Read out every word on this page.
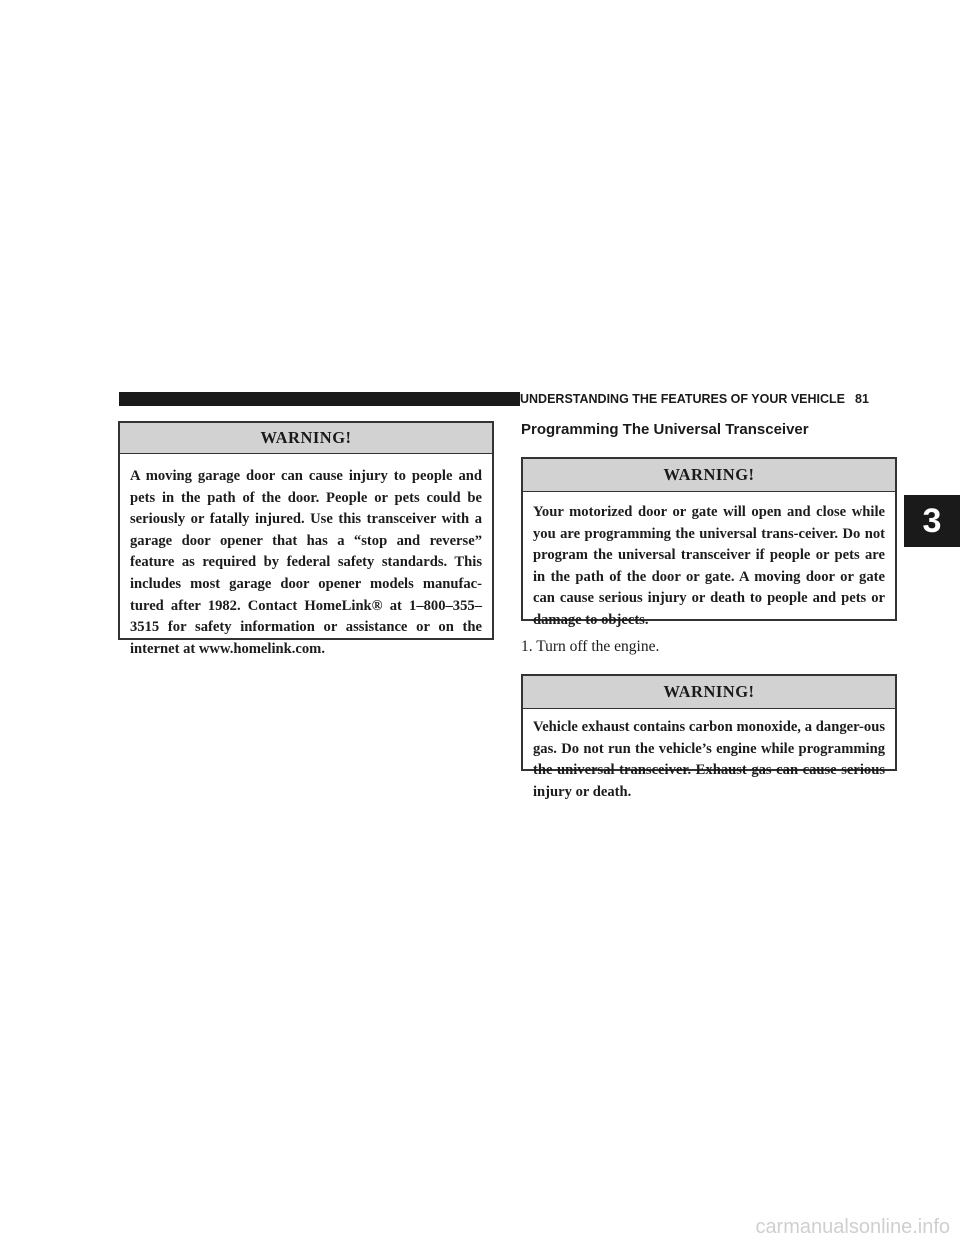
UNDERSTANDING THE FEATURES OF YOUR VEHICLE 81
3
WARNING!
A moving garage door can cause injury to people and pets in the path of the door. People or pets could be seriously or fatally injured. Use this transceiver with a garage door opener that has a “stop and reverse” feature as required by federal safety standards. This includes most garage door opener models manufac-tured after 1982. Contact HomeLink® at 1–800–355–3515 for safety information or assistance or on the internet at www.homelink.com.
Programming The Universal Transceiver
WARNING!
Your motorized door or gate will open and close while you are programming the universal trans-ceiver. Do not program the universal transceiver if people or pets are in the path of the door or gate. A moving door or gate can cause serious injury or death to people and pets or damage to objects.
1. Turn off the engine.
WARNING!
Vehicle exhaust contains carbon monoxide, a danger-ous gas. Do not run the vehicle’s engine while programming the universal transceiver. Exhaust gas can cause serious injury or death.
carmanualsonline.info
